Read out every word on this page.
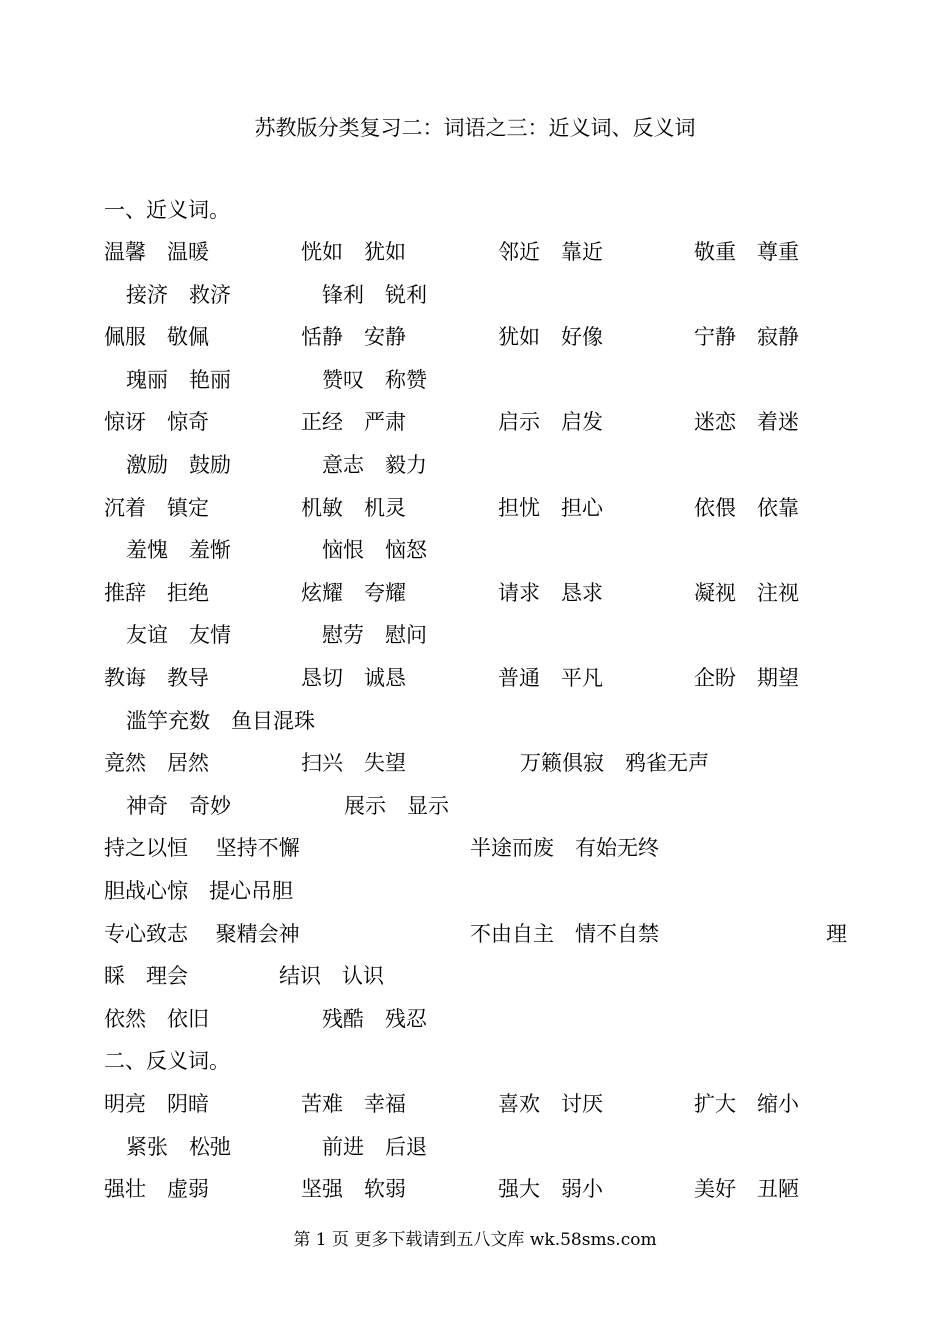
苏教版分类复习二：词语之三：近义词、反义词
一、近义词。
温馨　温暖	恍如　犹如	邻近　靠近	敬重　尊重
接济　救济	锋利　锐利
佩服　敬佩	恬静　安静	犹如　好像	宁静　寂静
瑰丽　艳丽	赞叹　称赞
惊讶　惊奇	正经　严肃	启示　启发	迷恋　着迷
激励　鼓励	意志　毅力
沉着　镇定	机敏　机灵	担忧　担心	依偎　依靠
羞愧　羞惭	恼恨　恼怒
推辞　拒绝	炫耀　夸耀	请求　恳求	凝视　注视
友谊　友情	慰劳　慰问
教诲　教导	恳切　诚恳	普通　平凡	企盼　期望
滥竽充数　鱼目混珠
竟然　居然	扫兴　失望	万籁俱寂　鸦雀无声
神奇　奇妙	展示　显示
持之以恒　 坚持不懈	半途而废　有始无终
胆战心惊　提心吊胆
专心致志　 聚精会神	不由自主　情不自禁	理
睬　理会	结识　认识
依然　依旧	残酷　残忍
二、反义词。
明亮　阴暗	苦难　幸福	喜欢　讨厌	扩大　缩小
紧张　松弛	前进　后退
强壮　虚弱	坚强　软弱	强大　弱小	美好　丑陋
第 1 页 更多下载请到五八文库 wk.58sms.com
